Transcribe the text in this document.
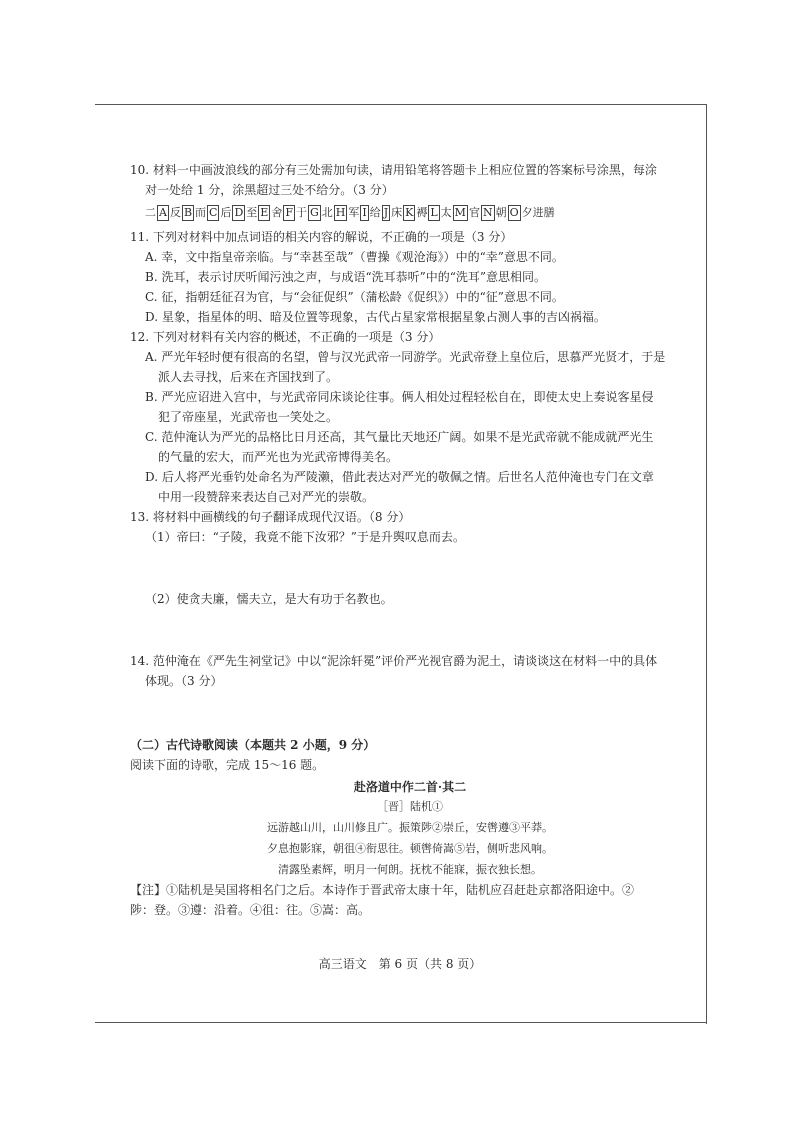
10. 材料一中画波浪线的部分有三处需加句读，请用铅笔将答题卡上相应位置的答案标号涂黑，每涂
对一处给 1 分，涂黑超过三处不给分。（3 分）
二 A 反 B 而 C 后 D 至 E 舍 F 于 G 北 H 军 I 给 J 床 K 褥 L 太 M 官 N 朝 O 夕进膳
11. 下列对材料中加点词语的相关内容的解说，不正确的一项是（3 分）
A. 幸，文中指皇帝亲临。与“幸甚至哉”（曹操《观沧海》）中的“幸”意思不同。
B. 洗耳，表示讨厌听闻污浊之声，与成语“洗耳恭听”中的“洗耳”意思相同。
C. 征，指朝廷征召为官，与“会征促织”（蒲松龄《促织》）中的“征”意思不同。
D. 星象，指星体的明、暗及位置等现象，古代占星家常根据星象占测人事的吉凶祸福。
12. 下列对材料有关内容的概述，不正确的一项是（3 分）
A. 严光年轻时便有很高的名望，曾与汉光武帝一同游学。光武帝登上皇位后，思慕严光贤才，于是
派人去寻找，后来在齐国找到了。
B. 严光应诏进入宫中，与光武帝同床谈论往事。俩人相处过程轻松自在，即使太史上奏说客星侵
犯了帝座星，光武帝也一笑处之。
C. 范仲淹认为严光的品格比日月还高，其气量比天地还广阔。如果不是光武帝就不能成就严光生
的气量的宏大，而严光也为光武帝博得美名。
D. 后人将严光垂钓处命名为严陵濑，借此表达对严光的敬佩之情。后世名人范仲淹也专门在文章
中用一段赞辞来表达自己对严光的崇敬。
13. 将材料中画横线的句子翻译成现代汉语。（8 分）
（1）帝曰：“子陵，我竟不能下汝邪？”于是升舆叹息而去。
（2）使贪夫廉，懦夫立，是大有功于名教也。
14. 范仲淹在《严先生祠堂记》中以“泥涂轩冕”评价严光视官爵为泥土，请谈谈这在材料一中的具体
体现。（3 分）
（二）古代诗歌阅读（本题共 2 小题，9 分）
阅读下面的诗歌，完成 15～16 题。
赴洛道中作二首·其二
［晋］陆机①
远游越山川，山川修且广。振策陟②崇丘，安辔遵③平莽。
夕息抱影寐，朝徂④衔思往。顿辔倚嵩⑤岩，侧听悲风响。
清露坠素辉，明月一何朗。抚枕不能寐，振衣独长想。
【注】①陆机是吴国将相名门之后。本诗作于晋武帝太康十年，陆机应召赶赴京都洛阳途中。②
陟：登。③遵：沿着。④徂：往。⑤嵩：高。
高三语文　第 6 页（共 8 页）
